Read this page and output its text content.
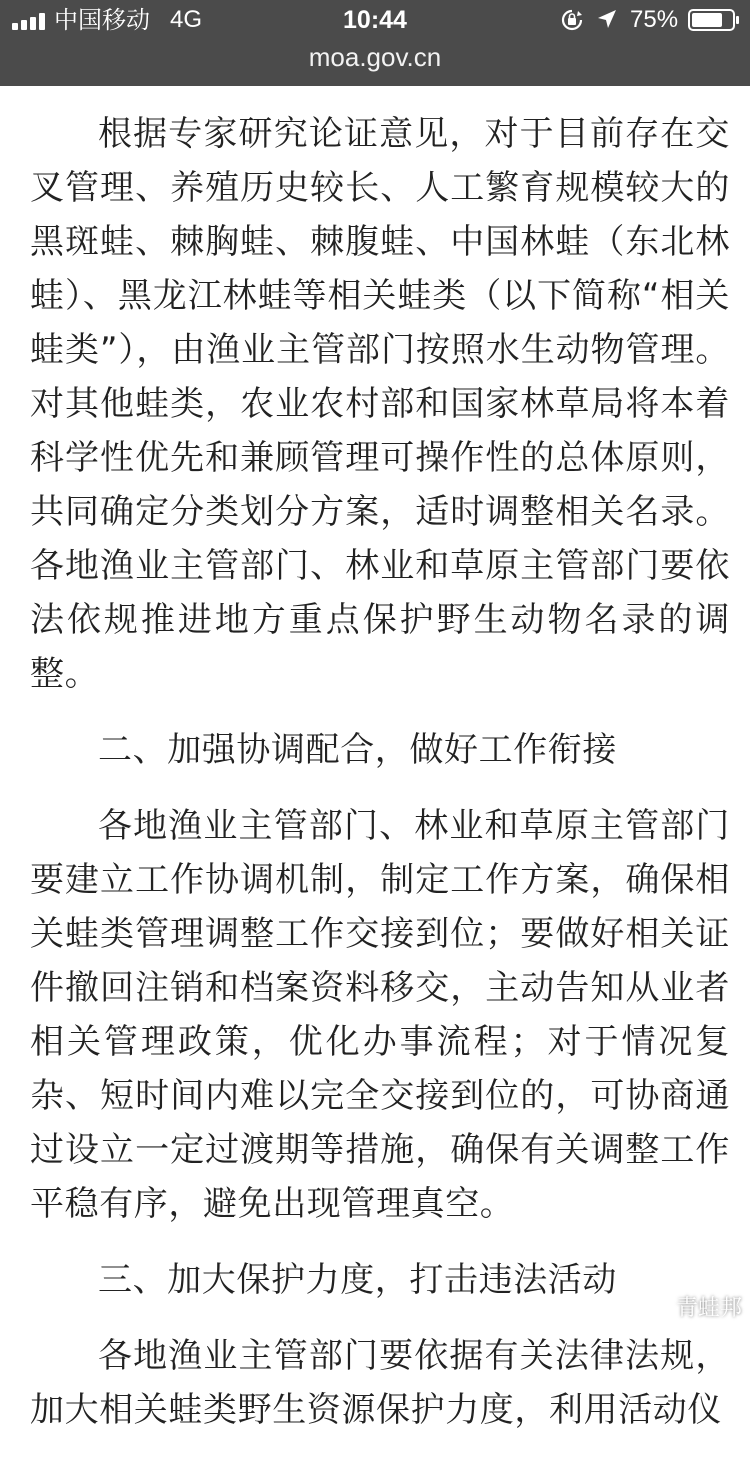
中国移动 4G	10:44	75%
moa.gov.cn

根据专家研究论证意见，对于目前存在交叉管理、养殖历史较长、人工繁育规模较大的黑斑蛙、棘胸蛙、棘腹蛙、中国林蛙（东北林蛙）、黑龙江林蛙等相关蛙类（以下简称“相关蛙类”），由渔业主管部门按照水生动物管理。对其他蛙类，农业农村部和国家林草局将本着科学性优先和兼顾管理可操作性的总体原则，共同确定分类划分方案，适时调整相关名录。各地渔业主管部门、林业和草原主管部门要依法依规推进地方重点保护野生动物名录的调整。

二、加强协调配合，做好工作衔接

各地渔业主管部门、林业和草原主管部门要建立工作协调机制，制定工作方案，确保相关蛙类管理调整工作交接到位；要做好相关证件撤回注销和档案资料移交，主动告知从业者相关管理政策，优化办事流程；对于情况复杂、短时间内难以完全交接到位的，可协商通过设立一定过渡期等措施，确保有关调整工作平稳有序，避免出现管理真空。

三、加大保护力度，打击违法活动

各地渔业主管部门要依据有关法律法规，加大相关蛙类野生资源保护力度，利用活动仪

青蛙邦
